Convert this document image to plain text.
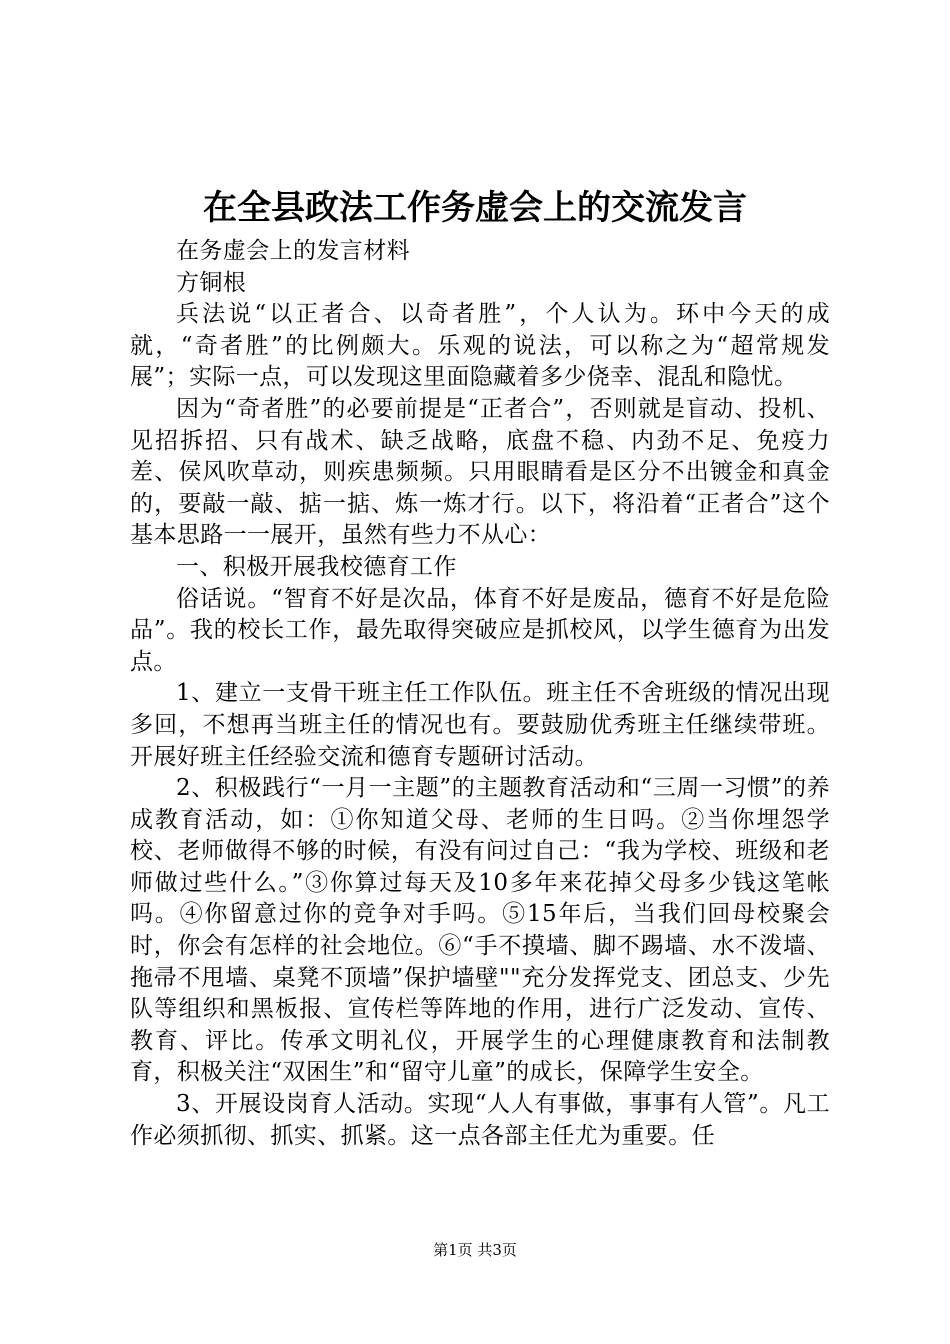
在全县政法工作务虚会上的交流发言

在务虚会上的发言材料

方铜根

兵法说“以正者合、以奇者胜”，个人认为。环中今天的成就，“奇者胜”的比例颇大。乐观的说法，可以称之为“超常规发展”；实际一点，可以发现这里面隐藏着多少侥幸、混乱和隐忧。

因为“奇者胜”的必要前提是“正者合”，否则就是盲动、投机、见招拆招、只有战术、缺乏战略，底盘不稳、内劲不足、免疫力差、侯风吹草动，则疾患频频。只用眼睛看是区分不出镀金和真金的，要敲一敲、掂一掂、炼一炼才行。以下，将沿着“正者合”这个基本思路一一展开，虽然有些力不从心：

一、积极开展我校德育工作

俗话说。“智育不好是次品，体育不好是废品，德育不好是危险品”。我的校长工作，最先取得突破应是抓校风，以学生德育为出发点。

1、建立一支骨干班主任工作队伍。班主任不舍班级的情况出现多回，不想再当班主任的情况也有。要鼓励优秀班主任继续带班。开展好班主任经验交流和德育专题研讨活动。

2、积极践行“一月一主题”的主题教育活动和“三周一习惯”的养成教育活动，如：①你知道父母、老师的生日吗。②当你埋怨学校、老师做得不够的时候，有没有问过自己：“我为学校、班级和老师做过些什么。”③你算过每天及10多年来花掉父母多少钱这笔帐吗。④你留意过你的竞争对手吗。⑤15年后，当我们回母校聚会时，你会有怎样的社会地位。⑥“手不摸墙、脚不踢墙、水不泼墙、拖帚不甩墙、桌凳不顶墙”保护墙壁""充分发挥党支、团总支、少先队等组织和黑板报、宣传栏等阵地的作用，进行广泛发动、宣传、教育、评比。传承文明礼仪，开展学生的心理健康教育和法制教育，积极关注“双困生”和“留守儿童”的成长，保障学生安全。

3、开展设岗育人活动。实现“人人有事做，事事有人管”。凡工作必须抓彻、抓实、抓紧。这一点各部主任尤为重要。任

第1页 共3页
